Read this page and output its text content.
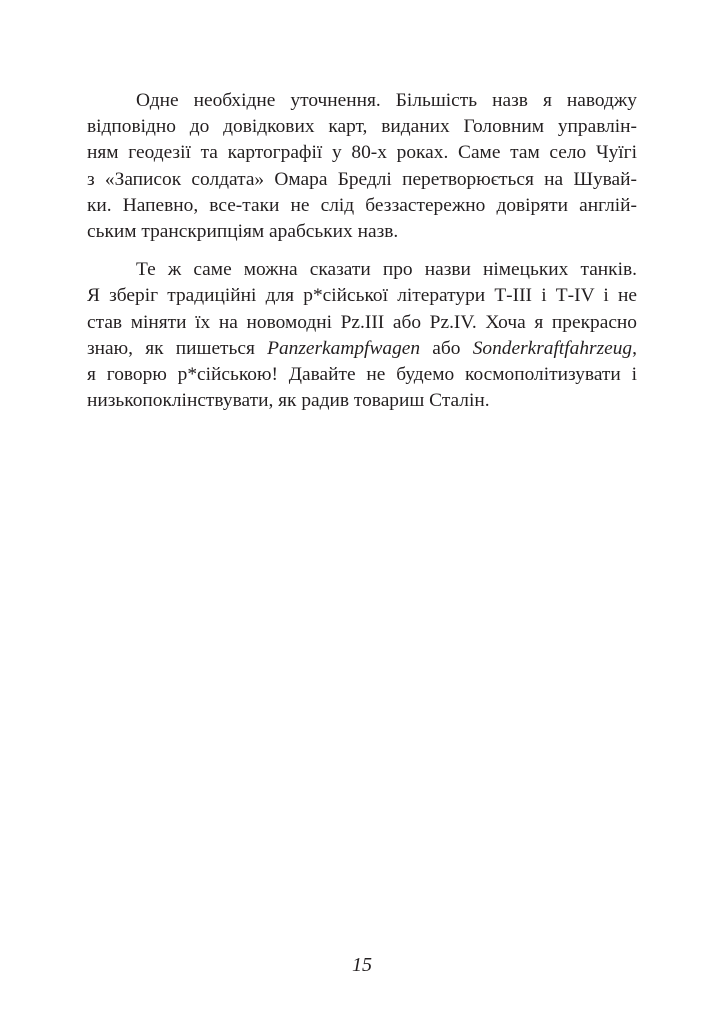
Одне необхідне уточнення. Більшість назв я наводжу
відповідно до довідкових карт, виданих Головним управлін-
ням геодезії та картографії у 80-х роках. Саме там село Чуїгі
з «Записок солдата» Омара Бредлі перетворюється на Шувай-
ки. Напевно, все-таки не слід беззастережно довіряти англій-
ським транскрипціям арабських назв.
Те ж саме можна сказати про назви німецьких танків.
Я зберіг традиційні для р*сійської літератури Т-III і Т-IV і не
став міняти їх на новомодні Pz.III або Pz.IV. Хоча я прекрасно
знаю, як пишеться Panzerkampfwagen або Sonderkraftfahrzeug,
я говорю р*сійською! Давайте не будемо космополітизувати і
низькопоклінствувати, як радив товариш Сталін.
15
